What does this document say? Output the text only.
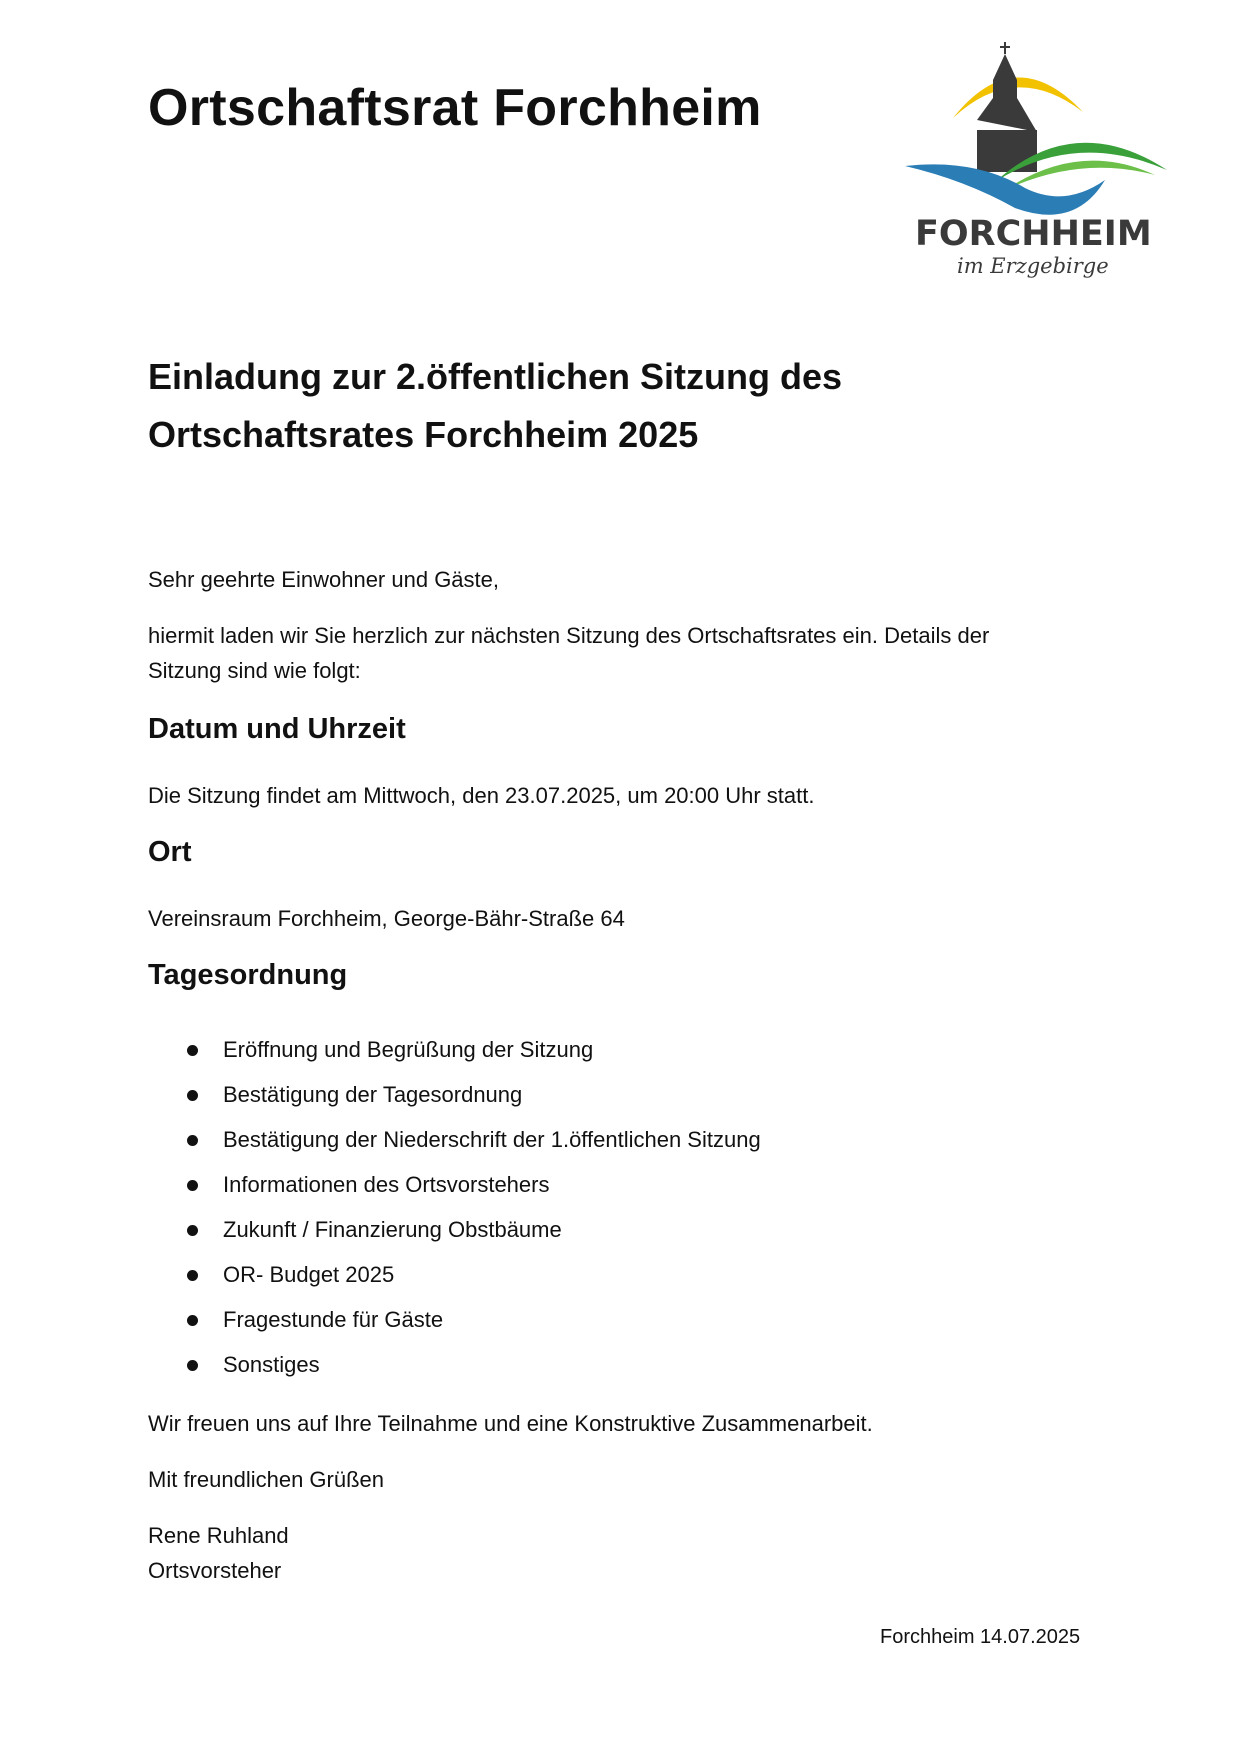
Ortschaftsrat Forchheim
FORCHHEIM
im Erzgebirge
Einladung zur 2.öffentlichen Sitzung des
Ortschaftsrates Forchheim 2025

Sehr geehrte Einwohner und Gäste,

hiermit laden wir Sie herzlich zur nächsten Sitzung des Ortschaftsrates ein. Details der Sitzung sind wie folgt:

Datum und Uhrzeit

Die Sitzung findet am Mittwoch, den 23.07.2025, um 20:00 Uhr statt.

Ort

Vereinsraum Forchheim, George-Bähr-Straße 64

Tagesordnung
Eröffnung und Begrüßung der Sitzung
Bestätigung der Tagesordnung
Bestätigung der Niederschrift der 1.öffentlichen Sitzung
Informationen des Ortsvorstehers
Zukunft / Finanzierung Obstbäume
OR- Budget 2025
Fragestunde für Gäste
Sonstiges

Wir freuen uns auf Ihre Teilnahme und eine Konstruktive Zusammenarbeit.

Mit freundlichen Grüßen

Rene Ruhland
Ortsvorsteher

Forchheim 14.07.2025
